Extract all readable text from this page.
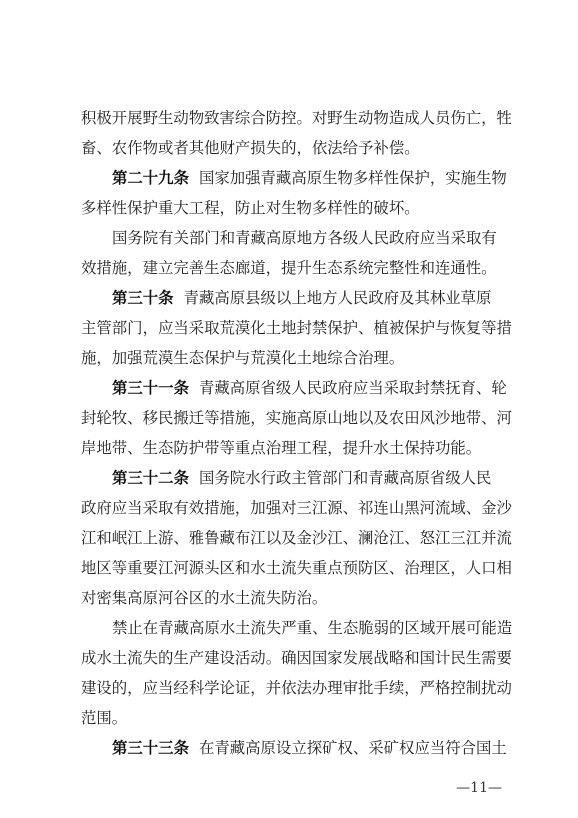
积极开展野生动物致害综合防控。对野生动物造成人员伤亡，牲
畜、农作物或者其他财产损失的，依法给予补偿。
第二十九条 国家加强青藏高原生物多样性保护，实施生物
多样性保护重大工程，防止对生物多样性的破坏。
国务院有关部门和青藏高原地方各级人民政府应当采取有
效措施，建立完善生态廊道，提升生态系统完整性和连通性。
第三十条 青藏高原县级以上地方人民政府及其林业草原
主管部门，应当采取荒漠化土地封禁保护、植被保护与恢复等措
施，加强荒漠生态保护与荒漠化土地综合治理。
第三十一条 青藏高原省级人民政府应当采取封禁抚育、轮
封轮牧、移民搬迁等措施，实施高原山地以及农田风沙地带、河
岸地带、生态防护带等重点治理工程，提升水土保持功能。
第三十二条 国务院水行政主管部门和青藏高原省级人民
政府应当采取有效措施，加强对三江源、祁连山黑河流域、金沙
江和岷江上游、雅鲁藏布江以及金沙江、澜沧江、怒江三江并流
地区等重要江河源头区和水土流失重点预防区、治理区，人口相
对密集高原河谷区的水土流失防治。
禁止在青藏高原水土流失严重、生态脆弱的区域开展可能造
成水土流失的生产建设活动。确因国家发展战略和国计民生需要
建设的，应当经科学论证，并依法办理审批手续，严格控制扰动
范围。
第三十三条 在青藏高原设立探矿权、采矿权应当符合国土
—11—
